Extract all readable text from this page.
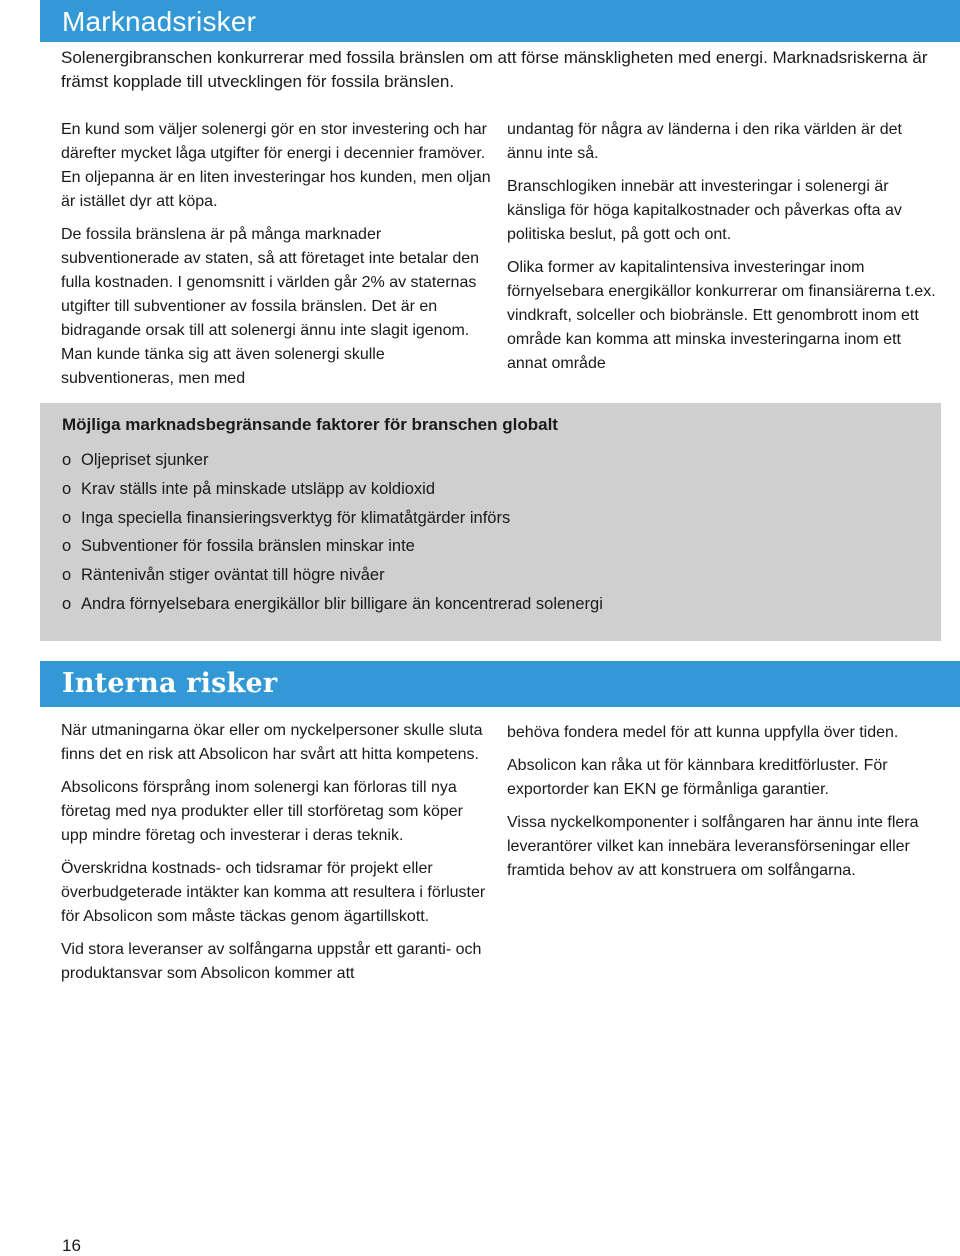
Marknadsrisker

Solenergibranschen konkurrerar med fossila bränslen om att förse mänskligheten med energi. Marknadsriskerna är främst kopplade till utvecklingen för fossila bränslen.

En kund som väljer solenergi gör en stor investering och har därefter mycket låga utgifter för energi i decennier framöver. En oljepanna är en liten investeringar hos kunden, men oljan är istället dyr att köpa.

De fossila bränslena är på många marknader subventionerade av staten, så att företaget inte betalar den fulla kostnaden. I genomsnitt i världen går 2% av staternas utgifter till subventioner av fossila bränslen. Det är en bidragande orsak till att solenergi ännu inte slagit igenom. Man kunde tänka sig att även solenergi skulle subventioneras, men med

undantag för några av länderna i den rika världen är det ännu inte så.

Branschlogiken innebär att investeringar i solenergi är känsliga för höga kapitalkostnader och påverkas ofta av politiska beslut, på gott och ont.

Olika former av kapitalintensiva investeringar inom förnyelsebara energikällor konkurrerar om finansiärerna t.ex. vindkraft, solceller och biobränsle. Ett genombrott inom ett område kan komma att minska investeringarna inom ett annat område

Möjliga marknadsbegränsande faktorer för branschen globalt
o Oljepriset sjunker
o Krav ställs inte på minskade utsläpp av koldioxid
o Inga speciella finansieringsverktyg för klimatåtgärder införs
o Subventioner för fossila bränslen minskar inte
o Räntenivån stiger oväntat till högre nivåer
o Andra förnyelsebara energikällor blir billigare än koncentrerad solenergi
Interna risker

När utmaningarna ökar eller om nyckelpersoner skulle sluta finns det en risk att Absolicon har svårt att hitta kompetens.

Absolicons försprång inom solenergi kan förloras till nya företag med nya produkter eller till storföretag som köper upp mindre företag och investerar i deras teknik.

Överskridna kostnads- och tidsramar för projekt eller överbudgeterade intäkter kan komma att resultera i förluster för Absolicon som måste täckas genom ägartillskott.

Vid stora leveranser av solfångarna uppstår ett garanti- och produktansvar som Absolicon kommer att

behöva fondera medel för att kunna uppfylla över tiden.

Absolicon kan råka ut för kännbara kreditförluster. För exportorder kan EKN ge förmånliga garantier.

Vissa nyckelkomponenter i solfångaren har ännu inte flera leverantörer vilket kan innebära leveransförseningar eller framtida behov av att konstruera om solfångarna.

16
